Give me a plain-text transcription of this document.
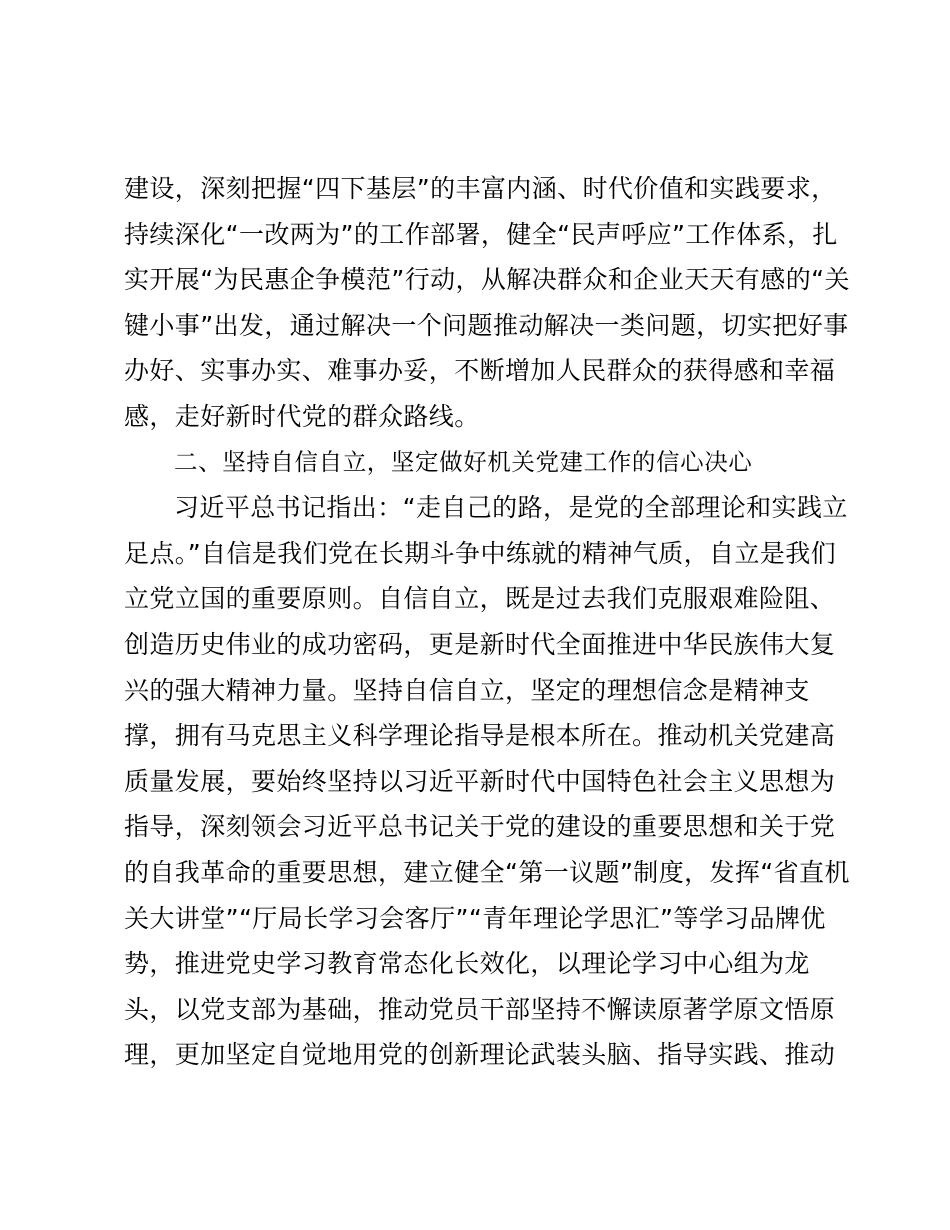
建设，深刻把握“四下基层”的丰富内涵、时代价值和实践要求，
持续深化“一改两为”的工作部署，健全“民声呼应”工作体系，扎
实开展“为民惠企争模范”行动，从解决群众和企业天天有感的“关
键小事”出发，通过解决一个问题推动解决一类问题，切实把好事
办好、实事办实、难事办妥，不断增加人民群众的获得感和幸福
感，走好新时代党的群众路线。
二、坚持自信自立，坚定做好机关党建工作的信心决心
习近平总书记指出：“走自己的路，是党的全部理论和实践立
足点。”自信是我们党在长期斗争中练就的精神气质，自立是我们
立党立国的重要原则。自信自立，既是过去我们克服艰难险阻、
创造历史伟业的成功密码，更是新时代全面推进中华民族伟大复
兴的强大精神力量。坚持自信自立，坚定的理想信念是精神支
撑，拥有马克思主义科学理论指导是根本所在。推动机关党建高
质量发展，要始终坚持以习近平新时代中国特色社会主义思想为
指导，深刻领会习近平总书记关于党的建设的重要思想和关于党
的自我革命的重要思想，建立健全“第一议题”制度，发挥“省直机
关大讲堂”“厅局长学习会客厅”“青年理论学思汇”等学习品牌优
势，推进党史学习教育常态化长效化，以理论学习中心组为龙
头，以党支部为基础，推动党员干部坚持不懈读原著学原文悟原
理，更加坚定自觉地用党的创新理论武装头脑、指导实践、推动
